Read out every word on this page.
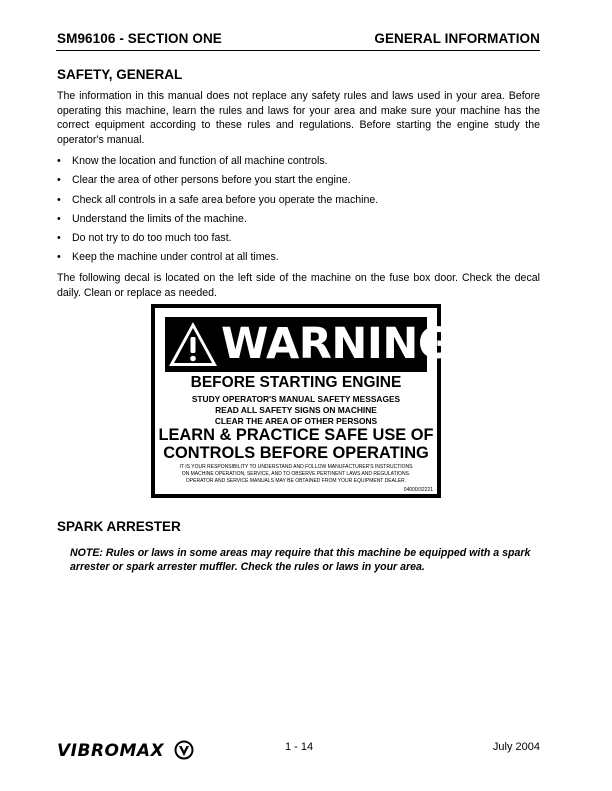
SM96106 - SECTION ONE	GENERAL INFORMATION
SAFETY, GENERAL
The information in this manual does not replace any safety rules and laws used in your area. Before operating this machine, learn the rules and laws for your area and make sure your machine has the correct equipment according to these rules and regulations. Before starting the engine study the operator's manual.
• Know the location and function of all machine controls.
• Clear the area of other persons before you start the engine.
• Check all controls in a safe area before you operate the machine.
• Understand the limits of the machine.
• Do not try to do too much too fast.
• Keep the machine under control at all times.
The following decal is located on the left side of the machine on the fuse box door. Check the decal daily. Clean or replace as needed.
WARNING
BEFORE STARTING ENGINE
STUDY OPERATOR'S MANUAL SAFETY MESSAGES
READ ALL SAFETY SIGNS ON MACHINE
CLEAR THE AREA OF OTHER PERSONS
LEARN & PRACTICE SAFE USE OF
CONTROLS BEFORE OPERATING
IT IS YOUR RESPONSIBILITY TO UNDERSTAND AND FOLLOW MANUFACTURER'S INSTRUCTIONS
ON MACHINE OPERATION, SERVICE, AND TO OBSERVE PERTINENT LAWS AND REGULATIONS.
OPERATOR AND SERVICE MANUALS MAY BE OBTAINED FROM YOUR EQUIPMENT DEALER.
04000/32221
SPARK ARRESTER
NOTE: Rules or laws in some areas may require that this machine be equipped with a spark arrester or spark arrester muffler. Check the rules or laws in your area.
VIBROMAX	1 - 14	July 2004
